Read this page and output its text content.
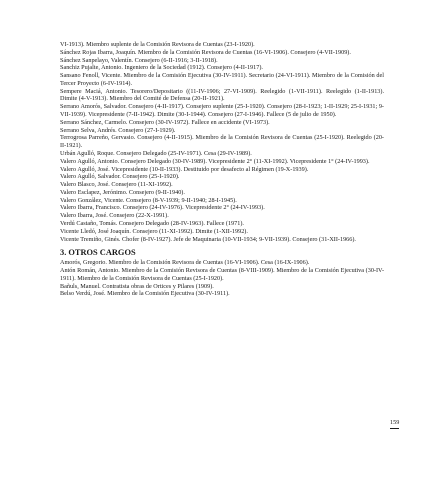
VI-1913). Miembro suplente de la Comisión Revisora de Cuentas (23-I-1920).

Sánchez Rojas Ibarra, Joaquín. Miembro de la Comisión Revisora de Cuentas (16-VI-1906). Consejero (4-VII-1909).

Sánchez Sanpelayo, Valentín. Consejero (6-II-1916; 3-II-1918).

Sanchiz Pujalte, Antonio. Ingeniero de la Sociedad (1912). Consejero (4-II-1917).

Sansano Fenoll, Vicente. Miembro de la Comisión Ejecutiva (30-IV-1911). Secretario (24-VI-1911). Miembro de la Comisión del Tercer Proyecto (6-IV-1914).

Sempere Maciá, Antonio. Tesorero/Depositario ((11-IV-1906; 27-VI-1909). Reelegido (1-VII-1911). Reelegido (1-II-1913). Dimite (4-V-1913). Miembro del Comité de Defensa (20-II-1921).

Serrano Amorós, Salvador. Consejero (4-II-1917). Consejero suplente (25-I-1920). Consejero (28-I-1923; 1-II-1929; 25-I-1931; 9-VII-1939). Vicepresidente (7-II-1942). Dimite (30-I-1944). Consejero (27-I-1946). Fallece (5 de julio de 1950).

Serrano Sánchez, Carmelo. Consejero (30-IV-1972). Fallece en accidente (VI-1973).

Serrano Selva, Andrés. Consejero (27-I-1929).

Terrogrosa Parreño, Gervasio. Consejero (4-II-1915). Miembro de la Comisión Revisora de Cuentas (25-I-1920). Reelegido (20-II-1921).

Urbán Agulló, Roque. Consejero Delegado (25-IV-1971). Cesa (29-IV-1989).

Valero Agulló, Antonio. Consejero Delegado (30-IV-1989). Vicepresidente 2° (11-XI-1992). Vicepresidente 1° (24-IV-1993).

Valero Agulló, José. Vicepresidente (10-II-1933). Destituido por desafecto al Régimen (19-X-1939).

Valero Agulló, Salvador. Consejero (25-I-1920).

Valero Blasco, José. Consejero (11-XI-1992).

Valero Esclapez, Jerónimo. Consejero (9-II-1940).

Valero González, Vicente. Consejero (8-V-1939; 9-II-1940; 28-I-1945).

Valero Ibarra, Francisco. Consejero (24-IV-1976). Vicepresidente 2° (24-IV-1993).

Valero Ibarra, José. Consejero (22-X-1991).

Verdú Castaño, Tomás. Consejero Delegado (28-IV-1963). Fallece (1971).

Vicente Lledó, José Joaquín. Consejero (11-XI-1992). Dimite (1-XII-1992).

Vicente Tremiño, Ginés. Chofer (8-IV-1927). Jefe de Maquinaria (10-VII-1934; 9-VII-1939). Consejero (31-XII-1966).

3. OTROS CARGOS

Amorós, Gregorio. Miembro de la Comisión Revisora de Cuentas (16-VI-1906). Cesa (16-IX-1906).

Antón Román, Antonio. Miembro de la Comisión Revisora de Cuentas (8-VIII-1909). Miembro de la Comisión Ejecutiva (30-IV-1911). Miembro de la Comisión Revisora de Cuentas (25-I-1920).

Bañuls, Manuel. Contratista obras de Ortices y Pilares (1909).

Belso Verdú, José. Miembro de la Comisión Ejecutiva (30-IV-1911).

159
